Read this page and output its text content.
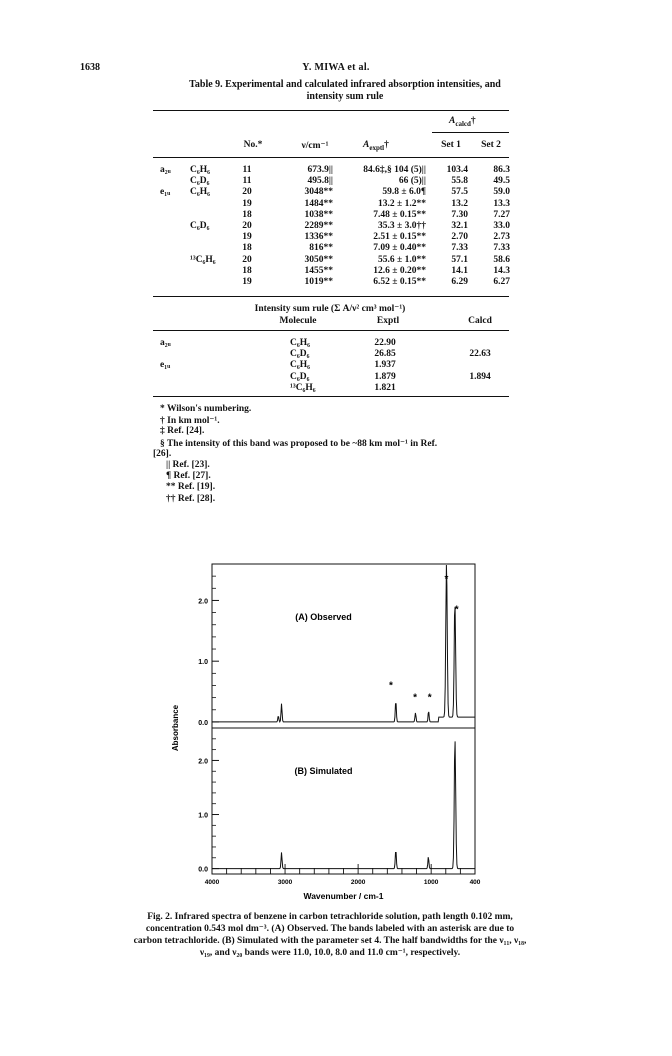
1638	Y. MIWA et al.
Table 9. Experimental and calculated infrared absorption intensities, and
intensity sum rule
$A_{calcd}\dagger$
No.*	ν/cm⁻¹	$A_{exptl}\dagger$	Set 1	Set 2
a₂ᵤ	C₆H₆	11	673.9||	84.6‡,§ 104 (5)||	103.4	86.3
C₆D₆	11	495.8||	66 (5)||	55.8	49.5
e₁ᵤ	C₆H₆	20	3048**	59.8 ± 6.0¶	57.5	59.0
19	1484**	13.2 ± 1.2**	13.2	13.3
18	1038**	7.48 ± 0.15**	7.30	7.27
C₆D₆	20	2289**	35.3 ± 3.0††	32.1	33.0
19	1336**	2.51 ± 0.15**	2.70	2.73
18	816**	7.09 ± 0.40**	7.33	7.33
¹³C₆H₆	20	3050**	55.6 ± 1.0**	57.1	58.6
18	1455**	12.6 ± 0.20**	14.1	14.3
19	1019**	6.52 ± 0.15**	6.29	6.27
Intensity sum rule (Σ A/ν² cm³ mol⁻¹)
Molecule	Exptl	Calcd
a₂ᵤ	C₆H₆	22.90
C₆D₆	26.85	22.63
e₁ᵤ	C₆H₆	1.937
C₆D₆	1.879	1.894
¹³C₆H₆	1.821
* Wilson's numbering.
† In km mol⁻¹.
‡ Ref. [24].
§ The intensity of this band was proposed to be ~88 km mol⁻¹ in Ref.
[26].
|| Ref. [23].
¶ Ref. [27].
** Ref. [19].
†† Ref. [28].
2.0
1.0
0.0
(A) Observed
*
* *
*
*
2.0
1.0
0.0
(B) Simulated
4000	3000	2000	1000	400
Wavenumber / cm-1
Absorbance
Fig. 2. Infrared spectra of benzene in carbon tetrachloride solution, path length 0.102 mm,
concentration 0.543 mol dm⁻³. (A) Observed. The bands labeled with an asterisk are due to
carbon tetrachloride. (B) Simulated with the parameter set 4. The half bandwidths for the ν₁₁, ν₁₈,
ν₁₉, and ν₂₀ bands were 11.0, 10.0, 8.0 and 11.0 cm⁻¹, respectively.
